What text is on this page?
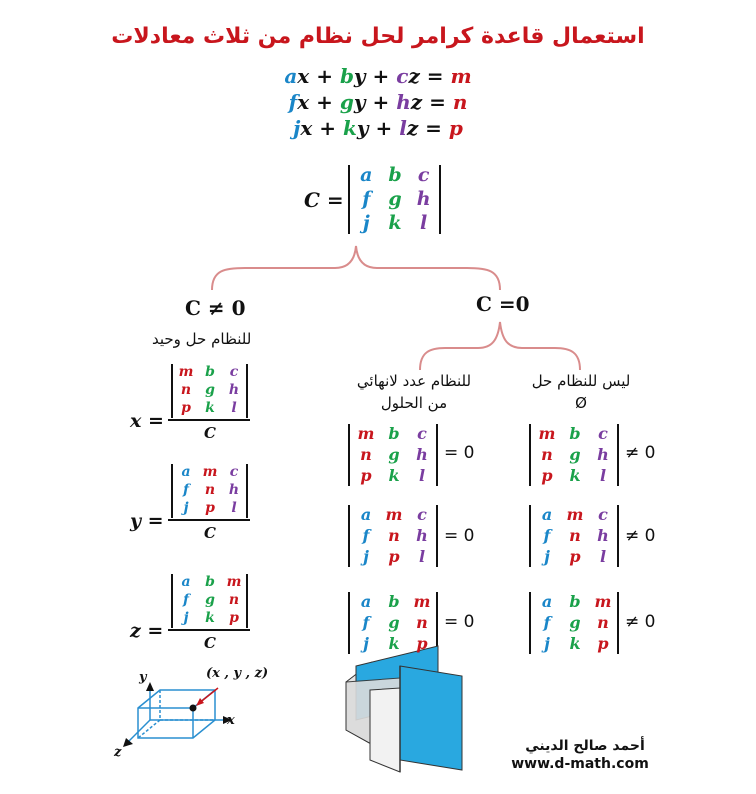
استعمال قاعدة كرامر لحل نظام من ثلاث معادلات
ax + by + cz = m
fx + gy + hz = n
jx + ky + lz = p
C =
a b c
f g h
j k l
C ≠ 0
للنظام حل وحيد
C =0
للنظام عدد لانهائي
من الحلول
ليس للنظام حل
Ø
x =
m b	c
n	g	h
p	k	l
C
y =
a m c
f	n h
j	p	l
C
z =
a	b m
f	g	n
j	k	p
C
m b	c
n	g	h
p	k	l
= 0
a m c
f	n	h
j	p	l
= 0
a	b m
f	g	n
j	k	p
= 0
m b	c
n	g	h
p	k	l
≠ 0
a m c
f	n	h
j	p	l
≠ 0
a	b m
f	g	n
j	k	p
≠ 0
(x , y , z)
y
x
z	أحمد صالح الديني
www.d-math.com
